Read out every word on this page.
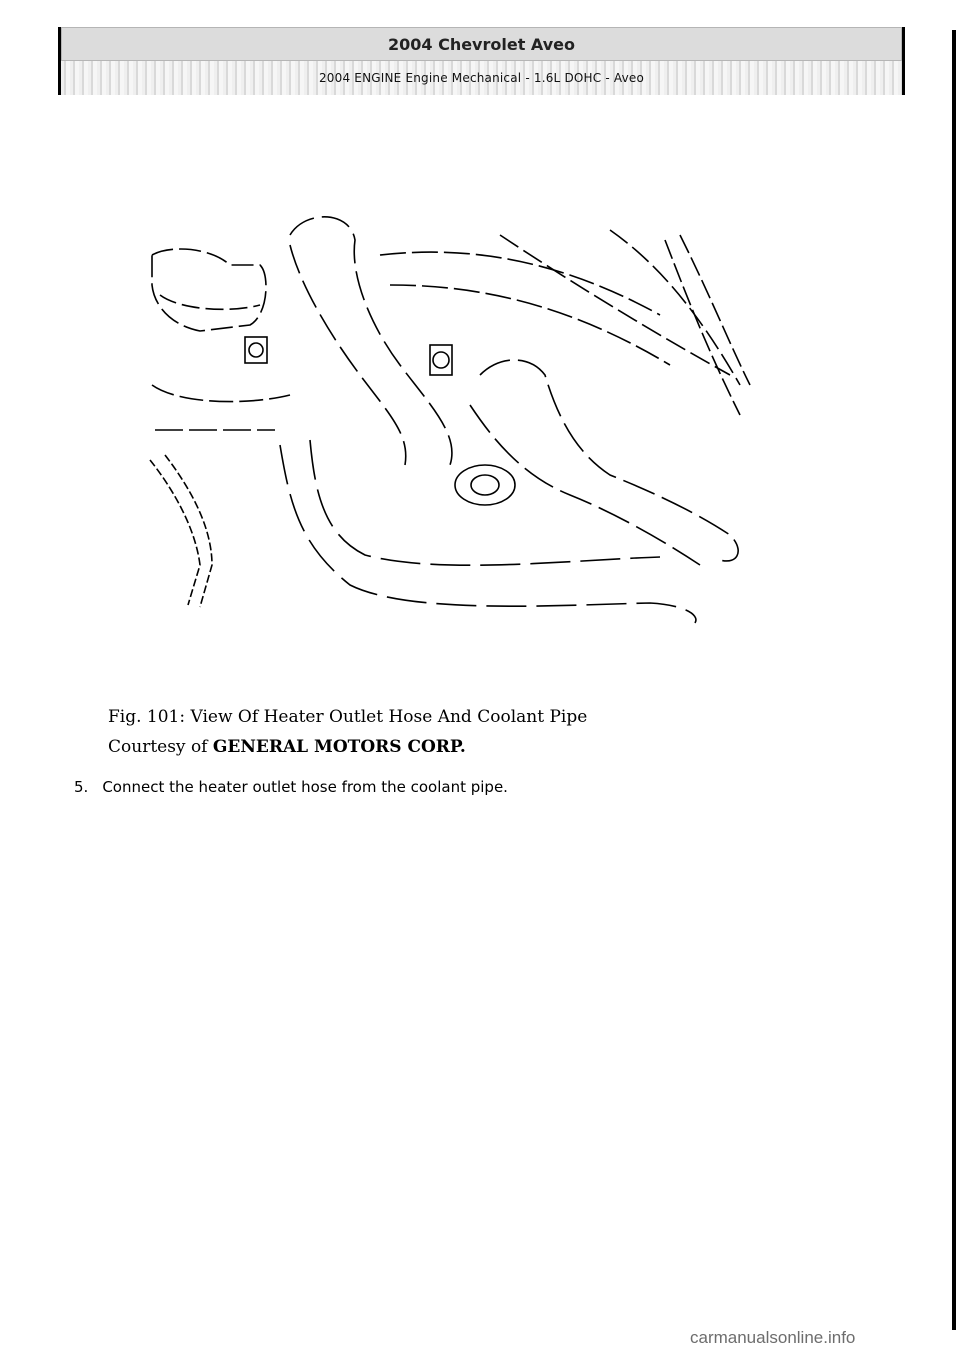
2004 Chevrolet Aveo
2004 ENGINE Engine Mechanical - 1.6L DOHC - Aveo
Fig. 101: View Of Heater Outlet Hose And Coolant Pipe
Courtesy of GENERAL MOTORS CORP.
5. Connect the heater outlet hose from the coolant pipe.
carmanualsonline.info
